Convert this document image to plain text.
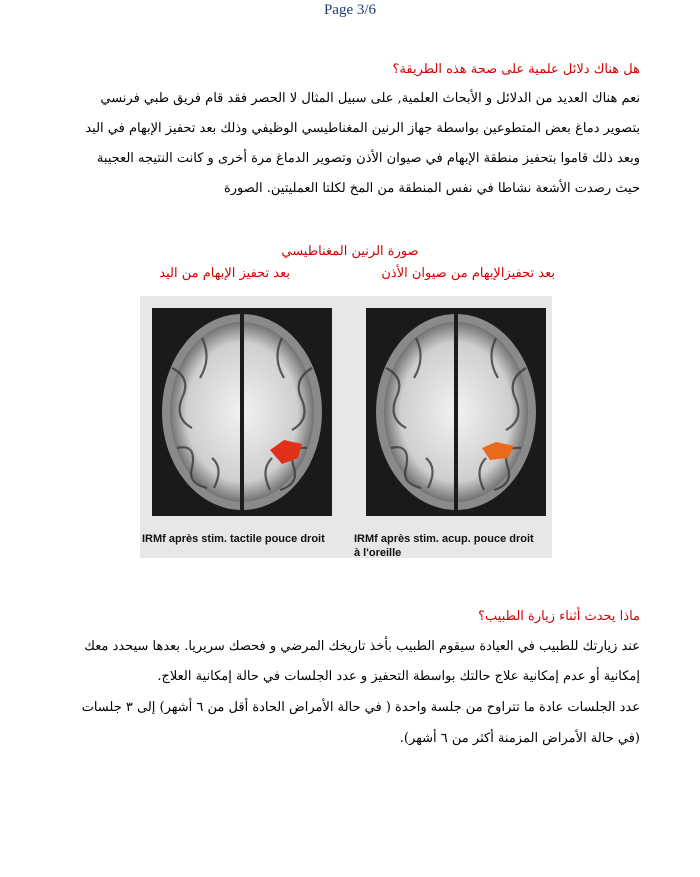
Page 3/6
هل هناك دلائل علمية على صحة هذه الطريقة؟
نعم هناك العديد من الدلائل و الأبحاث العلمية, على سبيل المثال لا الحصر فقد قام فريق طبي فرنسي
بتصوير دماغ بعض المتطوعين بواسطة جهاز الرنين المغناطيسي الوظيفي وذلك بعد تحفيز الإبهام في اليد
وبعد ذلك قاموا بتحفيز منطقة الإبهام في صيوان الأذن وتصوير الدماغ مرة أخرى و كانت النتيجه العجيبة
حيث رصدت الأشعة نشاطا في نفس المنطقة من المخ لكلتا العمليتين. الصورة
صورة الرنين المغناطيسي
بعد تحفيزالإبهام من صيوان الأذن
بعد تحفيز الإبهام من اليد
IRMf après stim. tactile pouce droit	IRMf après stim. acup. pouce droit
à l'oreille
ماذا يحدث أثناء زيارة الطبيب؟
عند زيارتك للطبيب في العيادة سيقوم الطبيب بأخذ تاريخك المرضي و فحصك سريريا. بعدها سيحدد معك
إمكانية أو عدم إمكانية علاج حالتك بواسطة التحفيز و عدد الجلسات في حالة إمكانية العلاج.
عدد الجلسات عادة ما تتراوح من جلسة واحدة ( في حالة الأمراض الحادة أقل من ٦ أشهر) إلى ٣ جلسات
(في حالة الأمراض المزمنة أكثر من ٦ أشهر).
